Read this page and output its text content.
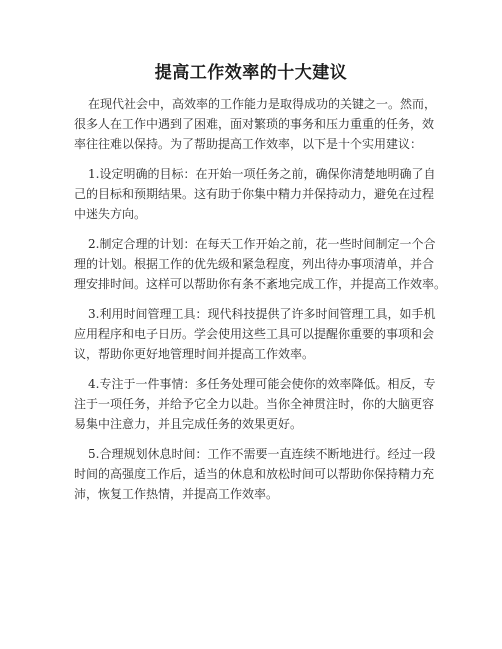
提高工作效率的十大建议

在现代社会中，高效率的工作能力是取得成功的关键之一。然而，
很多人在工作中遇到了困难，面对繁琐的事务和压力重重的任务，效
率往往难以保持。为了帮助提高工作效率，以下是十个实用建议：

1.设定明确的目标：在开始一项任务之前，确保你清楚地明确了自
己的目标和预期结果。这有助于你集中精力并保持动力，避免在过程
中迷失方向。

2.制定合理的计划：在每天工作开始之前，花一些时间制定一个合
理的计划。根据工作的优先级和紧急程度，列出待办事项清单，并合
理安排时间。这样可以帮助你有条不紊地完成工作，并提高工作效率。

3.利用时间管理工具：现代科技提供了许多时间管理工具，如手机
应用程序和电子日历。学会使用这些工具可以提醒你重要的事项和会
议，帮助你更好地管理时间并提高工作效率。

4.专注于一件事情：多任务处理可能会使你的效率降低。相反，专
注于一项任务，并给予它全力以赴。当你全神贯注时，你的大脑更容
易集中注意力，并且完成任务的效果更好。

5.合理规划休息时间：工作不需要一直连续不断地进行。经过一段
时间的高强度工作后，适当的休息和放松时间可以帮助你保持精力充
沛，恢复工作热情，并提高工作效率。
